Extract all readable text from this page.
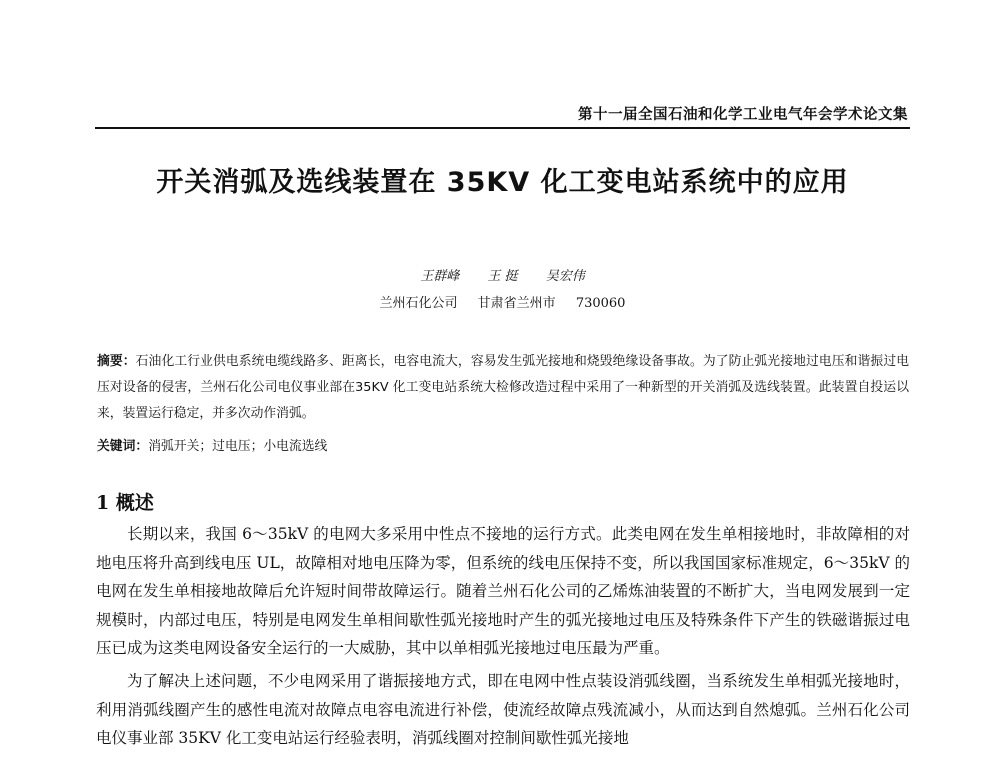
第十一届全国石油和化学工业电气年会学术论文集
开关消弧及选线装置在 35KV 化工变电站系统中的应用
王群峰 王 挺 吴宏伟
兰州石化公司 甘肃省兰州市 730060
摘要：石油化工行业供电系统电缆线路多、距离长，电容电流大，容易发生弧光接地和烧毁绝缘设备事故。为了防止弧光接地过电压和谐振过电压对设备的侵害，兰州石化公司电仪事业部在35KV 化工变电站系统大检修改造过程中采用了一种新型的开关消弧及选线装置。此装置自投运以来，装置运行稳定，并多次动作消弧。
关键词：消弧开关；过电压；小电流选线
1 概述

长期以来，我国 6～35kV 的电网大多采用中性点不接地的运行方式。此类电网在发生单相接地时，非故障相的对地电压将升高到线电压 UL，故障相对地电压降为零，但系统的线电压保持不变，所以我国国家标准规定，6～35kV 的电网在发生单相接地故障后允许短时间带故障运行。随着兰州石化公司的乙烯炼油装置的不断扩大，当电网发展到一定规模时，内部过电压，特别是电网发生单相间歇性弧光接地时产生的弧光接地过电压及特殊条件下产生的铁磁谐振过电压已成为这类电网设备安全运行的一大威胁，其中以单相弧光接地过电压最为严重。

为了解决上述问题，不少电网采用了谐振接地方式，即在电网中性点装设消弧线圈，当系统发生单相弧光接地时，利用消弧线圈产生的感性电流对故障点电容电流进行补偿，使流经故障点残流减小，从而达到自然熄弧。兰州石化公司电仪事业部 35KV 化工变电站运行经验表明，消弧线圈对控制间歇性弧光接地
